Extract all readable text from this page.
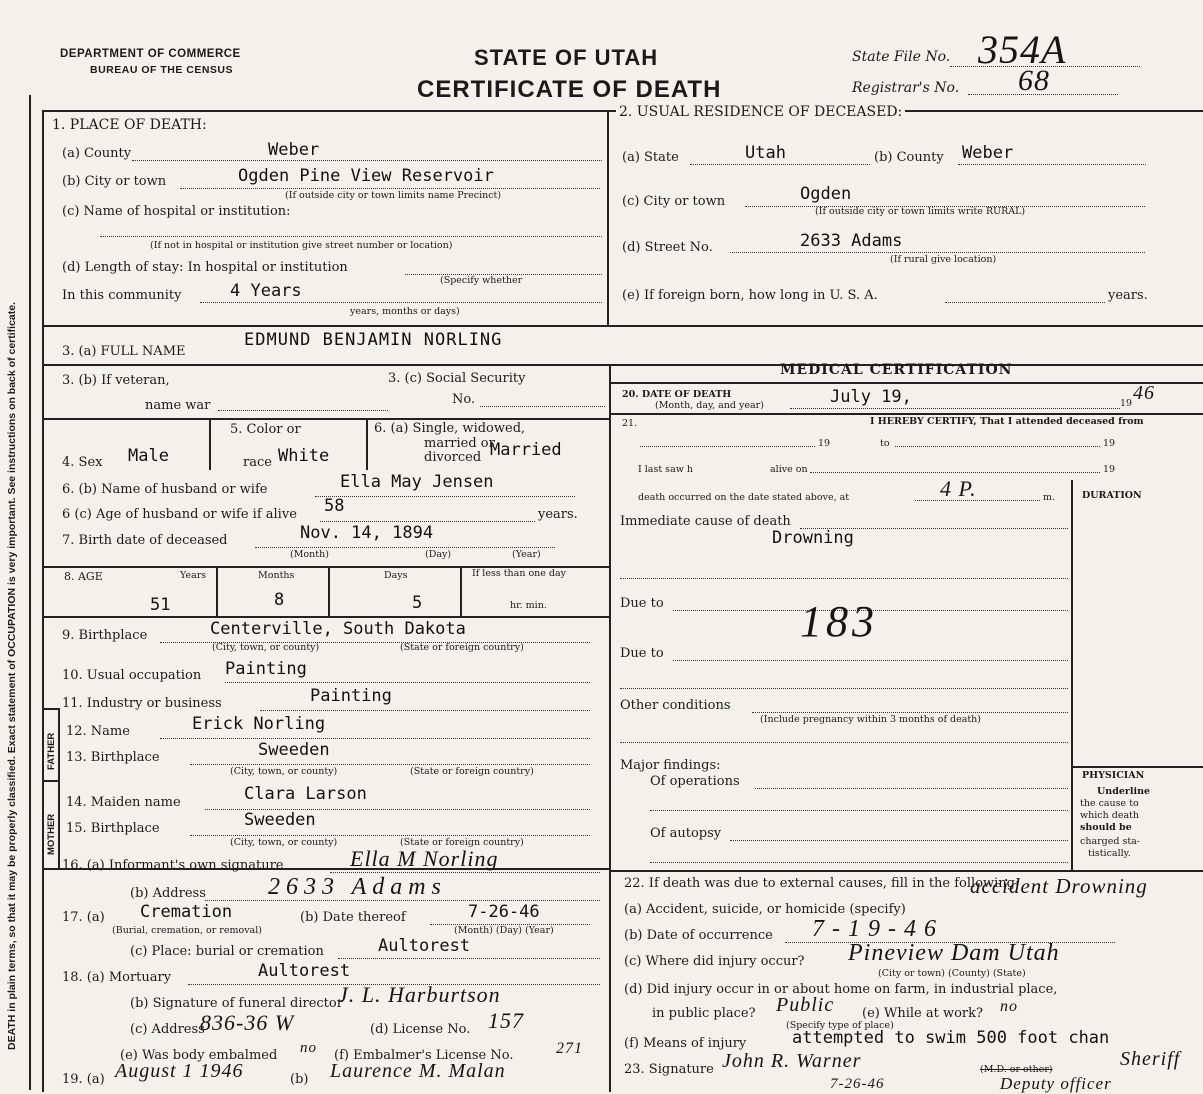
DEATH in plain terms, so that it may be properly classified. Exact statement of OCCUPATION is very important. See instructions on back of certificate.
DEPARTMENT OF COMMERCE
BUREAU OF THE CENSUS	STATE OF UTAH
CERTIFICATE OF DEATH
State File No. 354A
Registrar's No. 68
1. PLACE OF DEATH:
(a) County	Weber
(b) City or town	Ogden Pine View Reservoir
(If outside city or town limits name Precinct)
(c) Name of hospital or institution:
(If not in hospital or institution give street number or location)
(d) Length of stay: In hospital or institution
(Specify whether
In this community	4 Years
years, months or days)
2. USUAL RESIDENCE OF DECEASED:
(a) State	Utah	(b) County Weber
(c) City or town	Ogden
(If outside city or town limits write RURAL)
(d) Street No.	2633 Adams
(If rural give location)
(e) If foreign born, how long in U. S. A.	years.
3. (a) FULL NAME
EDMUND BENJAMIN NORLING
3. (b) If veteran,
name war
3. (c) Social Security
No.
4. Sex Male
5. Color or
race White
6. (a) Single, widowed,
married or
divorced Married
6. (b) Name of husband or wife	Ella May Jensen
6 (c) Age of husband or wife if alive 58	years.
7. Birth date of deceased	Nov. 14, 1894
(Month)	(Day)	(Year)
8. AGE	Years	Months	Days	If less than one day
51	8	5	hr. min.
9. Birthplace	Centerville, South Dakota
(City, town, or county)	(State or foreign country)
10. Usual occupation Painting
11. Industry or business	Painting
FATHER
MOTHER
12. Name	Erick Norling
13. Birthplace	Sweeden
(City, town, or county)	(State or foreign country)
14. Maiden name	Clara Larson
15. Birthplace	Sweeden
(City, town, or county)	(State or foreign country)
16. (a) Informant's own signature	Ella M Norling
(b) Address	2633 Adams
17. (a) Cremation
(Burial, cremation, or removal)
(b) Date thereof	7-26-46
(Month) (Day) (Year)
(c) Place: burial or cremation	Aultorest
18. (a) Mortuary	Aultorest
(b) Signature of funeral director
J. L. Harburtson
(c) Address
836-36 W	(d) License No. 157
(e) Was body embalmed no (f) Embalmer's License No.	271
19. (a) August 1 1946	(b) Laurence M. Malan
MEDICAL CERTIFICATION
20. DATE OF DEATH
(Month, day, and year)	July 19,	19 46
21.	I HEREBY CERTIFY, That I attended deceased from
19	to	19
I last saw h	alive on	19
death occurred on the date stated above, at	4 P.	m.	DURATION
Immediate cause of death
Drowning
Due to	183
Due to
Other conditions
(Include pregnancy within 3 months of death)
Major findings:
Of operations
Of autopsy
PHYSICIAN
Underline
the cause to
which death
should be
charged sta-
tistically.
22. If death was due to external causes, fill in the following:
(a) Accident, suicide, or homicide (specify)
accident Drowning
(b) Date of occurrence 7-19-46
(c) Where did injury occur? Pineview Dam Utah
(City or town) (County) (State)
(d) Did injury occur in or about home on farm, in industrial place,
in public place? Public
(Specify type of place)
(e) While at work? no
(f) Means of injury	attempted to swim 500 foot chan
23. Signature John R. Warner	(M.D. or other)	Sheriff
7-26-46	Deputy officer
